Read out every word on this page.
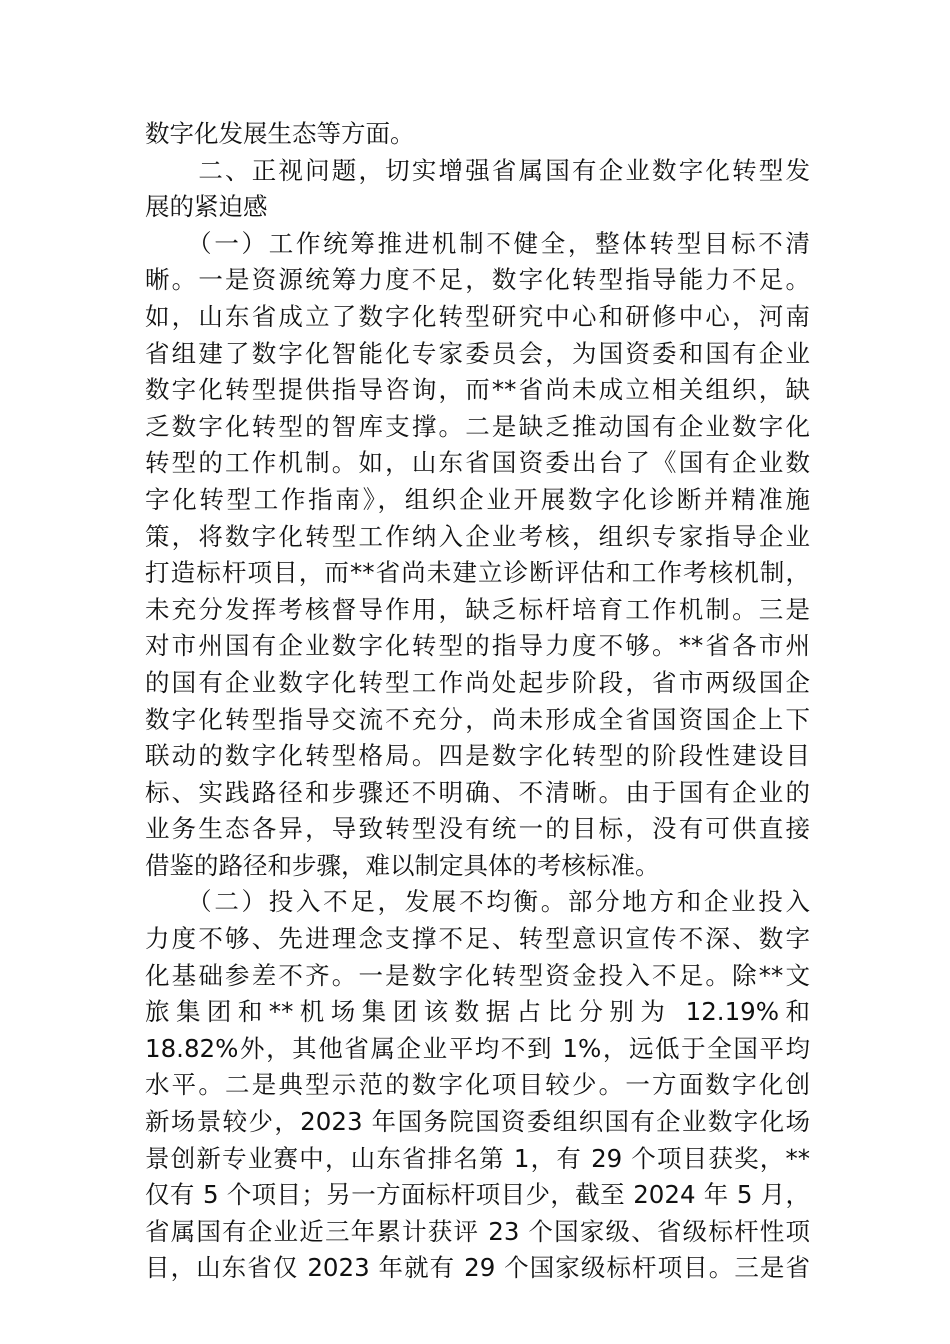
数字化发展生态等方面。
　　二、正视问题，切实增强省属国有企业数字化转型发
展的紧迫感
　　（一）工作统筹推进机制不健全，整体转型目标不清
晰。一是资源统筹力度不足，数字化转型指导能力不足。
如，山东省成立了数字化转型研究中心和研修中心，河南
省组建了数字化智能化专家委员会，为国资委和国有企业
数字化转型提供指导咨询，而**省尚未成立相关组织，缺
乏数字化转型的智库支撑。二是缺乏推动国有企业数字化
转型的工作机制。如，山东省国资委出台了《国有企业数
字化转型工作指南》，组织企业开展数字化诊断并精准施
策，将数字化转型工作纳入企业考核，组织专家指导企业
打造标杆项目，而**省尚未建立诊断评估和工作考核机制，
未充分发挥考核督导作用，缺乏标杆培育工作机制。三是
对市州国有企业数字化转型的指导力度不够。**省各市州
的国有企业数字化转型工作尚处起步阶段，省市两级国企
数字化转型指导交流不充分，尚未形成全省国资国企上下
联动的数字化转型格局。四是数字化转型的阶段性建设目
标、实践路径和步骤还不明确、不清晰。由于国有企业的
业务生态各异，导致转型没有统一的目标，没有可供直接
借鉴的路径和步骤，难以制定具体的考核标准。
　　（二）投入不足，发展不均衡。部分地方和企业投入
力度不够、先进理念支撑不足、转型意识宣传不深、数字
化基础参差不齐。一是数字化转型资金投入不足。除**文
旅集团和**机场集团该数据占比分别为 12.19%和
18.82%外，其他省属企业平均不到 1%，远低于全国平均
水平。二是典型示范的数字化项目较少。一方面数字化创
新场景较少，2023 年国务院国资委组织国有企业数字化场
景创新专业赛中，山东省排名第 1，有 29 个项目获奖，**
仅有 5 个项目；另一方面标杆项目少，截至 2024 年 5 月，
省属国有企业近三年累计获评 23 个国家级、省级标杆性项
目，山东省仅 2023 年就有 29 个国家级标杆项目。三是省
